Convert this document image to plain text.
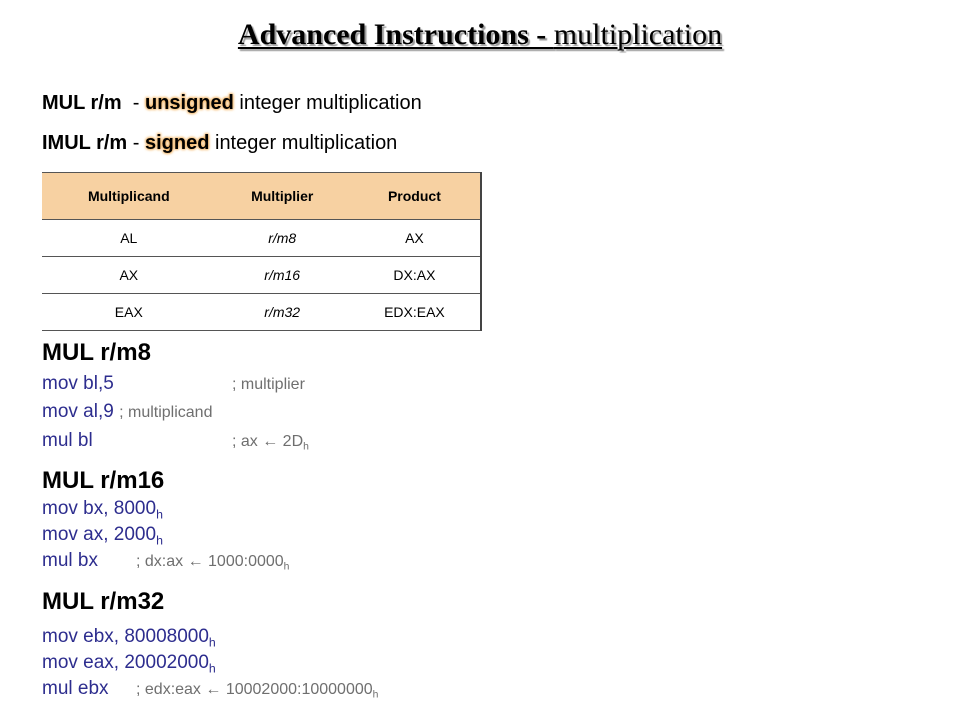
Advanced Instructions - multiplication
MUL r/m  - unsigned integer multiplication
IMUL r/m - signed integer multiplication
Multiplicand	Multiplier	Product
AL	r/m8	AX
AX	r/m16	DX:AX
EAX	r/m32	EDX:EAX
MUL r/m8
mov bl,5	; multiplier
mov al,9 ; multiplicand
mul bl	; ax ← $2D_h$
MUL r/m16
mov bx, $8000_h$
mov ax, $2000_h$
mul bx ; dx:ax ← $1000:0000_h$
MUL r/m32
mov ebx, $80008000_h$
mov eax, $20002000_h$
mul ebx ; edx:eax ← $10002000:10000000_h$
